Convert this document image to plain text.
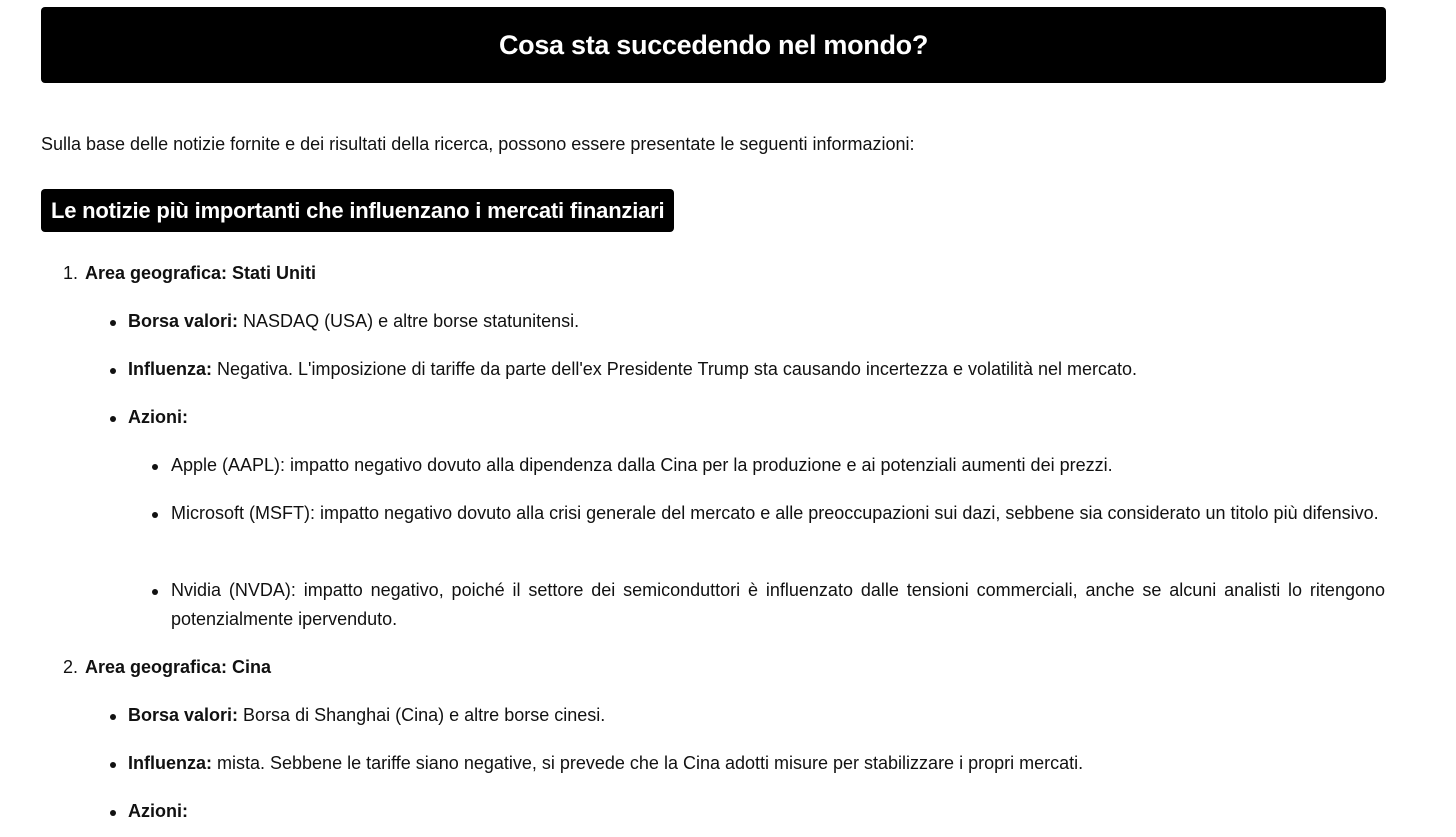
Cosa sta succedendo nel mondo?

Sulla base delle notizie fornite e dei risultati della ricerca, possono essere presentate le seguenti informazioni:

Le notizie più importanti che influenzano i mercati finanziari
1. Area geografica: Stati Uniti

Borsa valori: NASDAQ (USA) e altre borse statunitensi.

Influenza: Negativa. L'imposizione di tariffe da parte dell'ex Presidente Trump sta causando incertezza e volatilità nel mercato.

Azioni:

Apple (AAPL): impatto negativo dovuto alla dipendenza dalla Cina per la produzione e ai potenziali aumenti dei prezzi.

Microsoft (MSFT): impatto negativo dovuto alla crisi generale del mercato e alle preoccupazioni sui dazi, sebbene sia considerato un titolo più difensivo.

Nvidia (NVDA): impatto negativo, poiché il settore dei semiconduttori è influenzato dalle tensioni commerciali, anche se alcuni analisti lo ritengono potenzialmente ipervenduto.

2. Area geografica: Cina

Borsa valori: Borsa di Shanghai (Cina) e altre borse cinesi.

Influenza: mista. Sebbene le tariffe siano negative, si prevede che la Cina adotti misure per stabilizzare i propri mercati.

Azioni:
